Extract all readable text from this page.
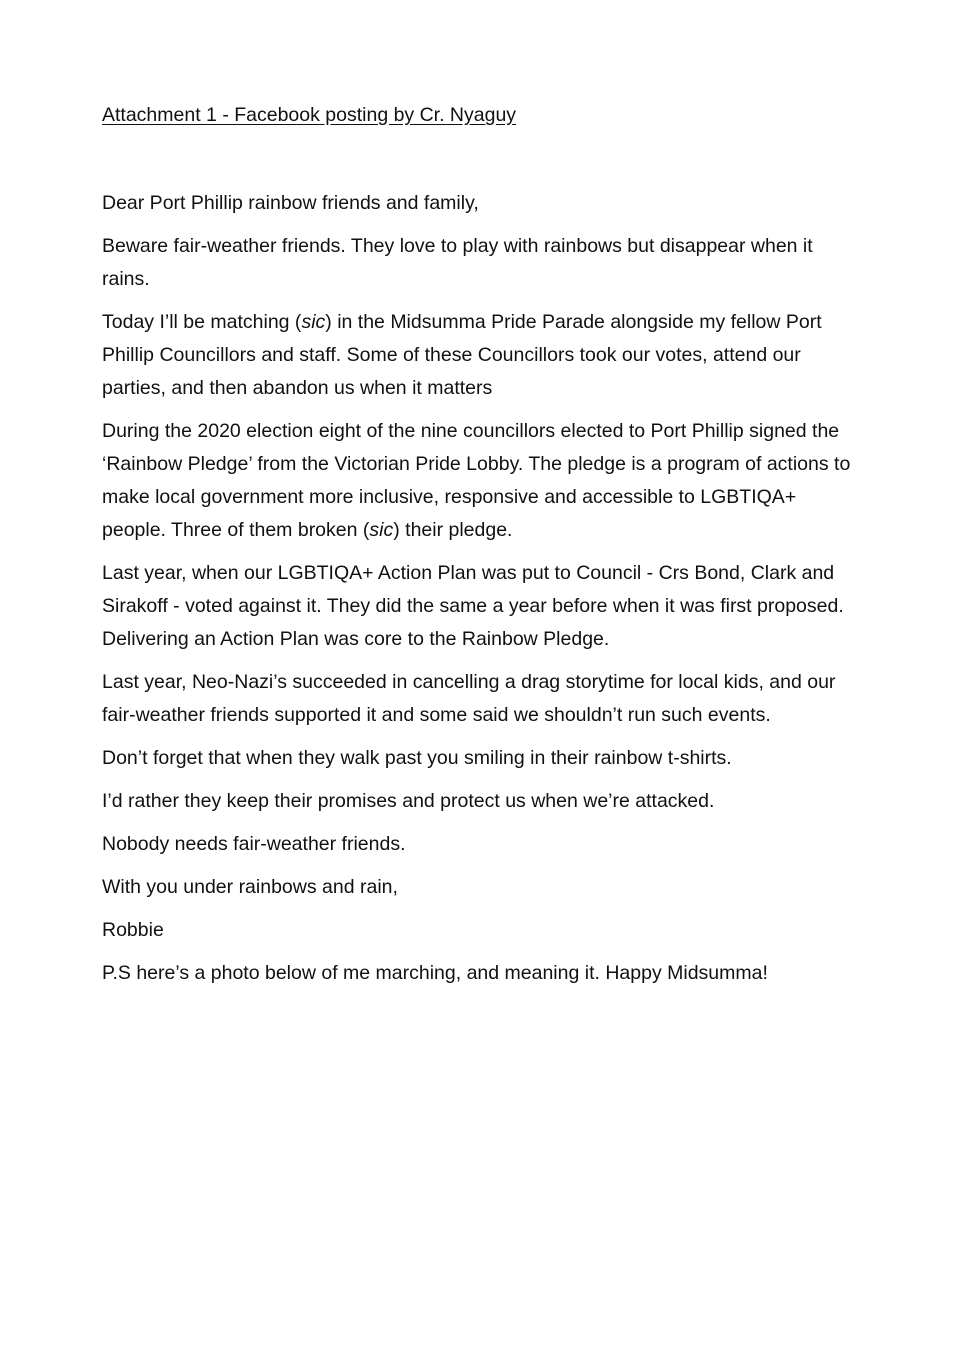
Attachment 1 - Facebook posting by Cr. Nyaguy

Dear Port Phillip rainbow friends and family,

Beware fair-weather friends. They love to play with rainbows but disappear when it rains.

Today I’ll be matching (sic) in the Midsumma Pride Parade alongside my fellow Port Phillip Councillors and staff. Some of these Councillors took our votes, attend our parties, and then abandon us when it matters

During the 2020 election eight of the nine councillors elected to Port Phillip signed the ‘Rainbow Pledge’ from the Victorian Pride Lobby. The pledge is a program of actions to make local government more inclusive, responsive and accessible to LGBTIQA+ people. Three of them broken (sic) their pledge.

Last year, when our LGBTIQA+ Action Plan was put to Council - Crs Bond, Clark and Sirakoff - voted against it. They did the same a year before when it was first proposed. Delivering an Action Plan was core to the Rainbow Pledge.

Last year, Neo-Nazi’s succeeded in cancelling a drag storytime for local kids, and our fair-weather friends supported it and some said we shouldn’t run such events.

Don’t forget that when they walk past you smiling in their rainbow t-shirts.

I’d rather they keep their promises and protect us when we’re attacked.

Nobody needs fair-weather friends.

With you under rainbows and rain,

Robbie

P.S here’s a photo below of me marching, and meaning it. Happy Midsumma!
